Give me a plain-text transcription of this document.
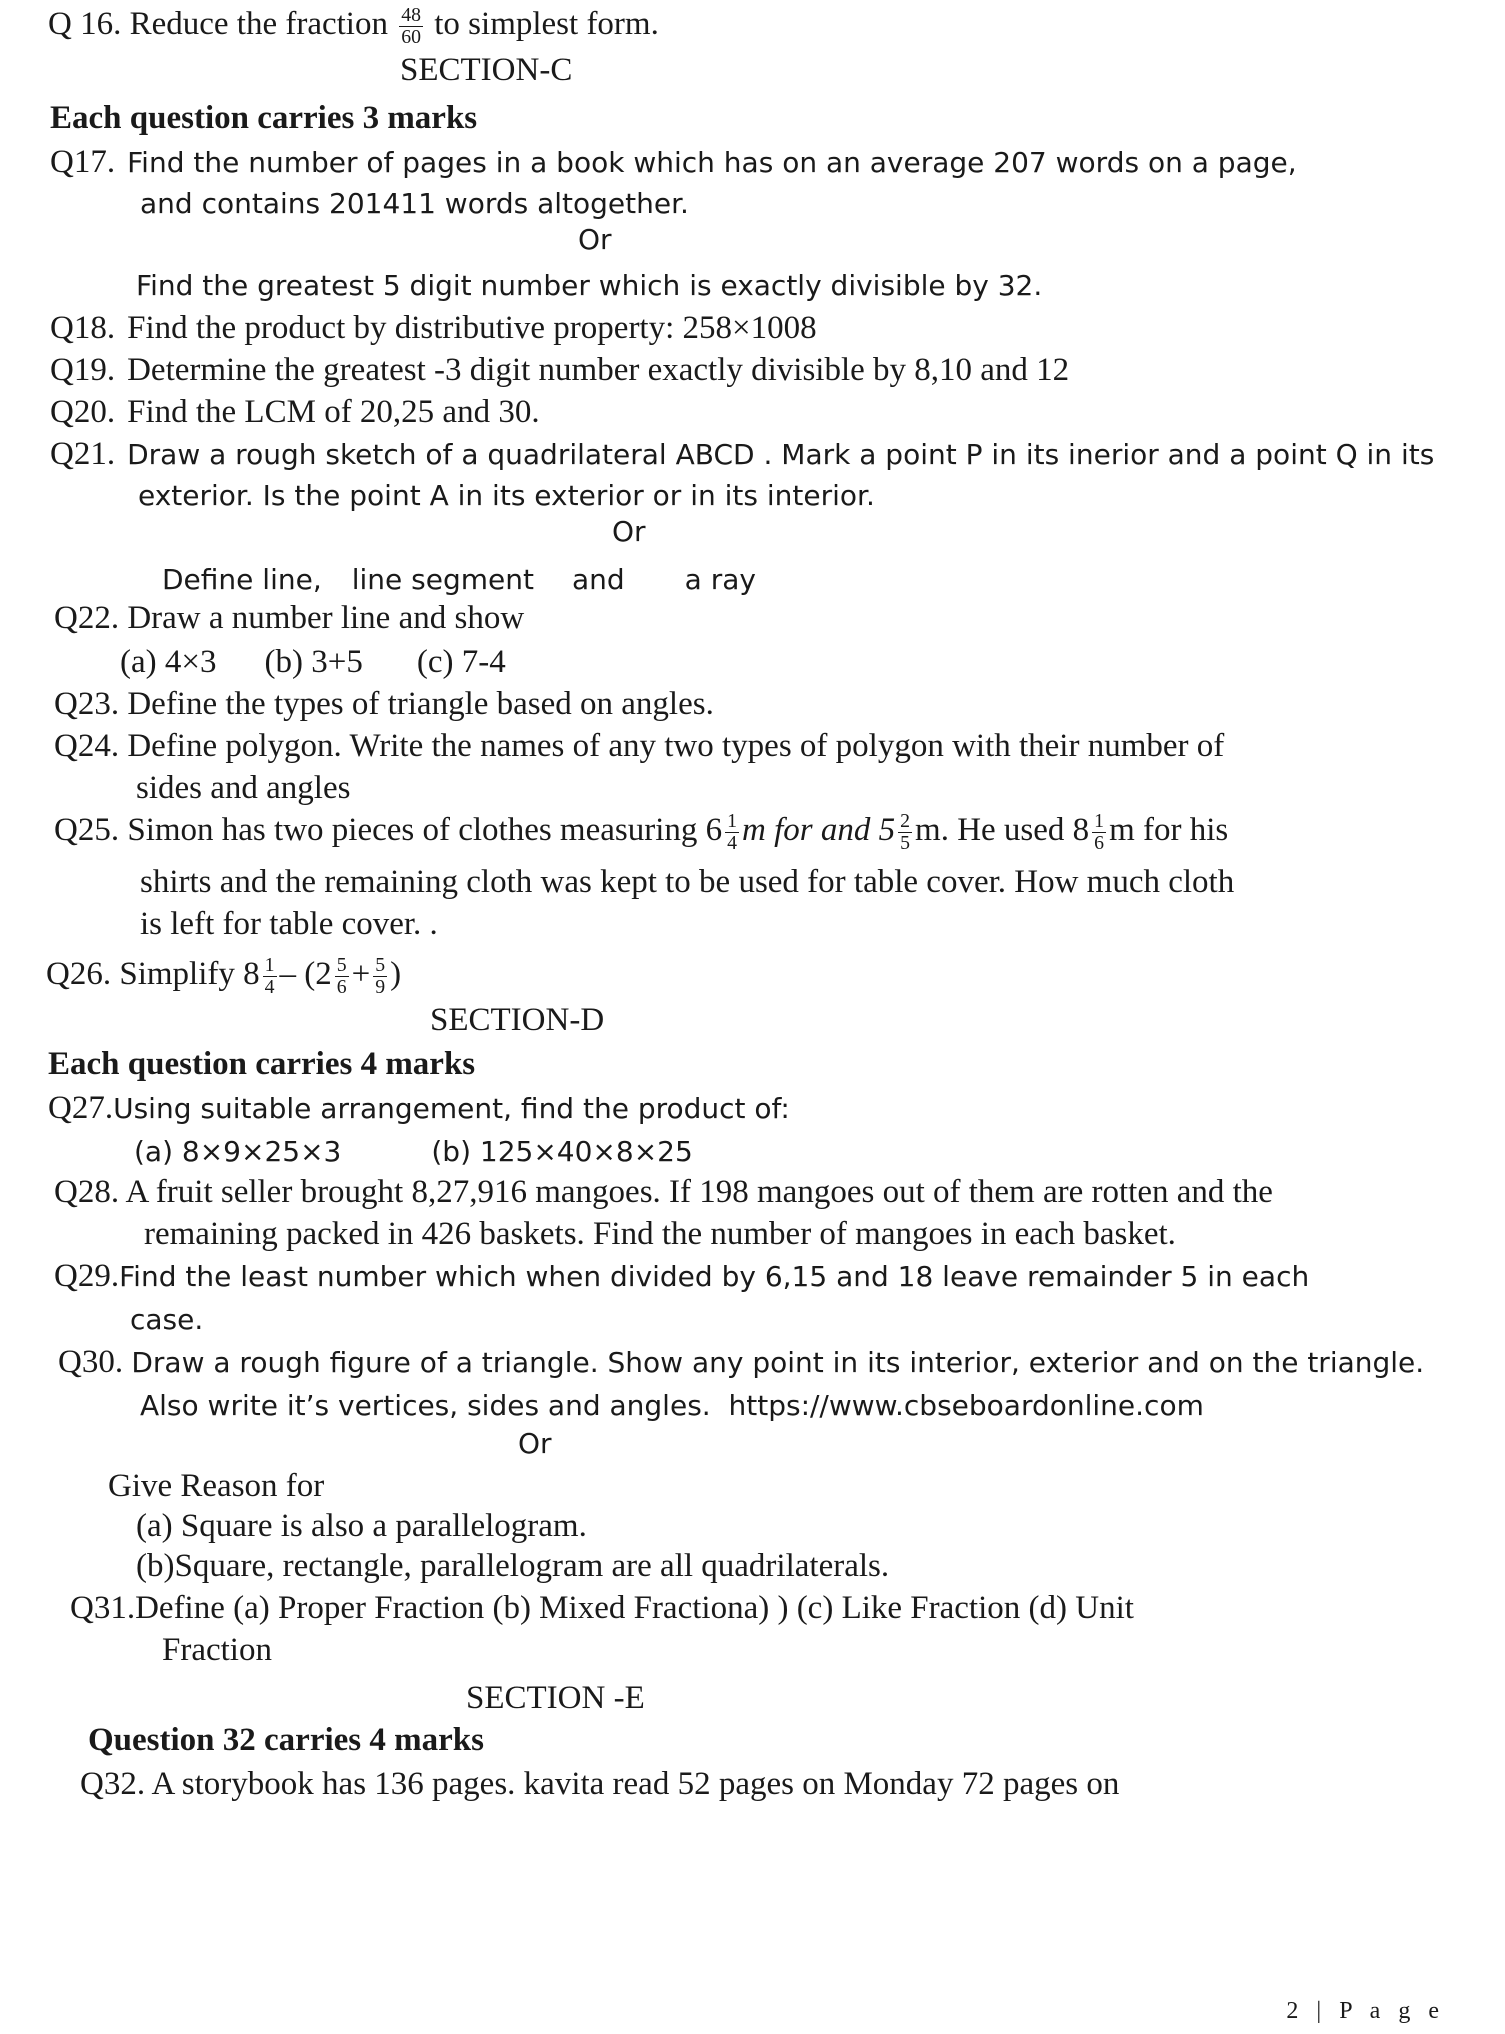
Q 16. Reduce the fraction $\frac{48}{60}$ to simplest form.
SECTION-C
Each question carries 3 marks
Q17. Find the number of pages in a book which has on an average 207 words on a page,
and contains 201411 words altogether.
Or
Find the greatest 5 digit number which is exactly divisible by 32.
Q18. Find the product by distributive property: 258×1008
Q19. Determine the greatest -3 digit number exactly divisible by 8,10 and 12
Q20. Find the LCM of 20,25 and 30.
Q21. Draw a rough sketch of a quadrilateral ABCD . Mark a point P in its inerior and a point Q in its
exterior. Is the point A in its exterior or in its interior.
Or
Define line, line segment and a ray
Q22. Draw a number line and show
(a) 4×3 (b) 3+5 (c) 7-4
Q23. Define the types of triangle based on angles.
Q24. Define polygon. Write the names of any two types of polygon with their number of
sides and angles
Q25. Simon has two pieces of clothes measuring $6 \frac{1}{4}$ m for and $5 \frac{2}{5} m$. He used $8 \frac{1}{6}$ m for his
shirts and the remaining cloth was kept to be used for table cover. How much cloth
is left for table cover. .
Q26. Simplify $8 \frac{1}{4} - (2 \frac{5}{6} + \frac{5}{9}$ )
SECTION-D
Each question carries 4 marks
Q27.Using suitable arrangement, find the product of:
(a) 8×9×25×3	(b) 125×40×8×25
Q28. A fruit seller brought 8,27,916 mangoes. If 198 mangoes out of them are rotten and the
remaining packed in 426 baskets. Find the number of mangoes in each basket.
Q29.Find the least number which when divided by 6,15 and 18 leave remainder 5 in each
case.
Q30. Draw a rough figure of a triangle. Show any point in its interior, exterior and on the triangle.
Also write it’s vertices, sides and angles. https://www.cbseboardonline.com
Or
Give Reason for
(a) Square is also a parallelogram.
(b)Square, rectangle, parallelogram are all quadrilaterals.
Q31.Define (a) Proper Fraction (b) Mixed Fractiona) ) (c) Like Fraction (d) Unit
Fraction
SECTION -E
Question 32 carries 4 marks
Q32. A storybook has 136 pages. kavita read 52 pages on Monday 72 pages on
2 | P a g e
